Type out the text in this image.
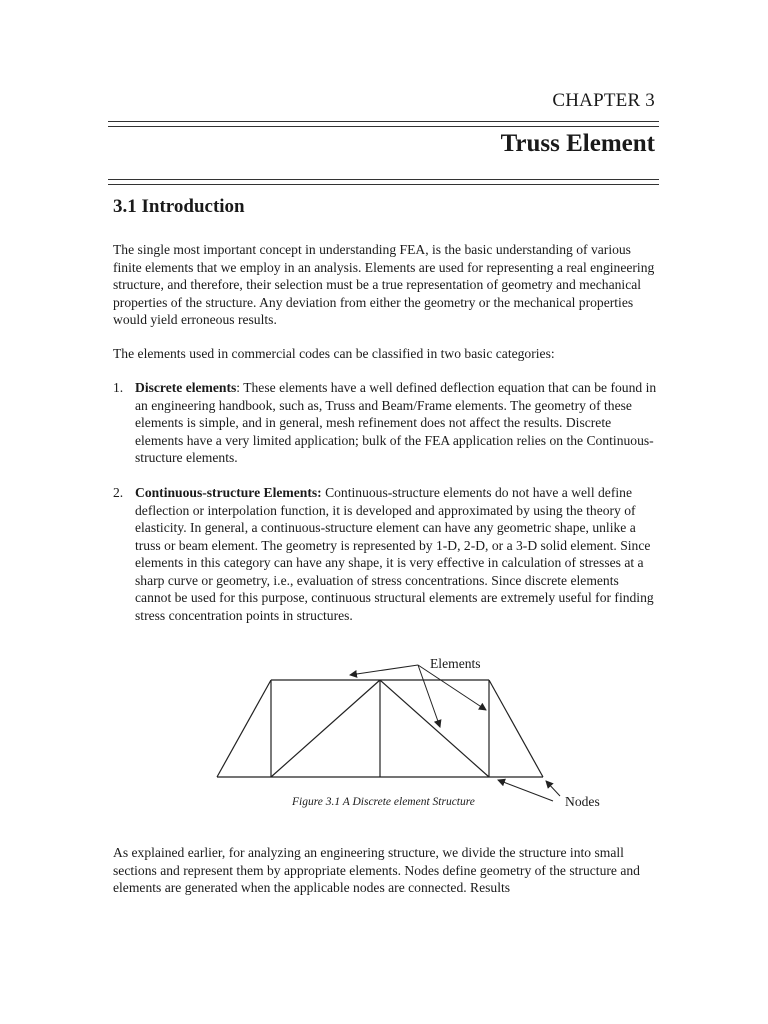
CHAPTER 3
Truss Element
3.1 Introduction

The single most important concept in understanding FEA, is the basic understanding of various finite elements that we employ in an analysis. Elements are used for representing a real engineering structure, and therefore, their selection must be a true representation of geometry and mechanical properties of the structure. Any deviation from either the geometry or the mechanical properties would yield erroneous results.

The elements used in commercial codes can be classified in two basic categories:

1. Discrete elements: These elements have a well defined deflection equation that can be found in an engineering handbook, such as, Truss and Beam/Frame elements. The geometry of these elements is simple, and in general, mesh refinement does not affect the results. Discrete elements have a very limited application; bulk of the FEA application relies on the Continuous-structure elements.
2. Continuous-structure Elements: Continuous-structure elements do not have a well define deflection or interpolation function, it is developed and approximated by using the theory of elasticity. In general, a continuous-structure element can have any geometric shape, unlike a truss or beam element. The geometry is represented by 1-D, 2-D, or a 3-D solid element. Since elements in this category can have any shape, it is very effective in calculation of stresses at a sharp curve or geometry, i.e., evaluation of stress concentrations. Since discrete elements cannot be used for this purpose, continuous structural elements are extremely useful for finding stress concentration points in structures.
Elements
Nodes
Figure 3.1 A Discrete element Structure

As explained earlier, for analyzing an engineering structure, we divide the structure into small sections and represent them by appropriate elements. Nodes define geometry of the structure and elements are generated when the applicable nodes are connected. Results
